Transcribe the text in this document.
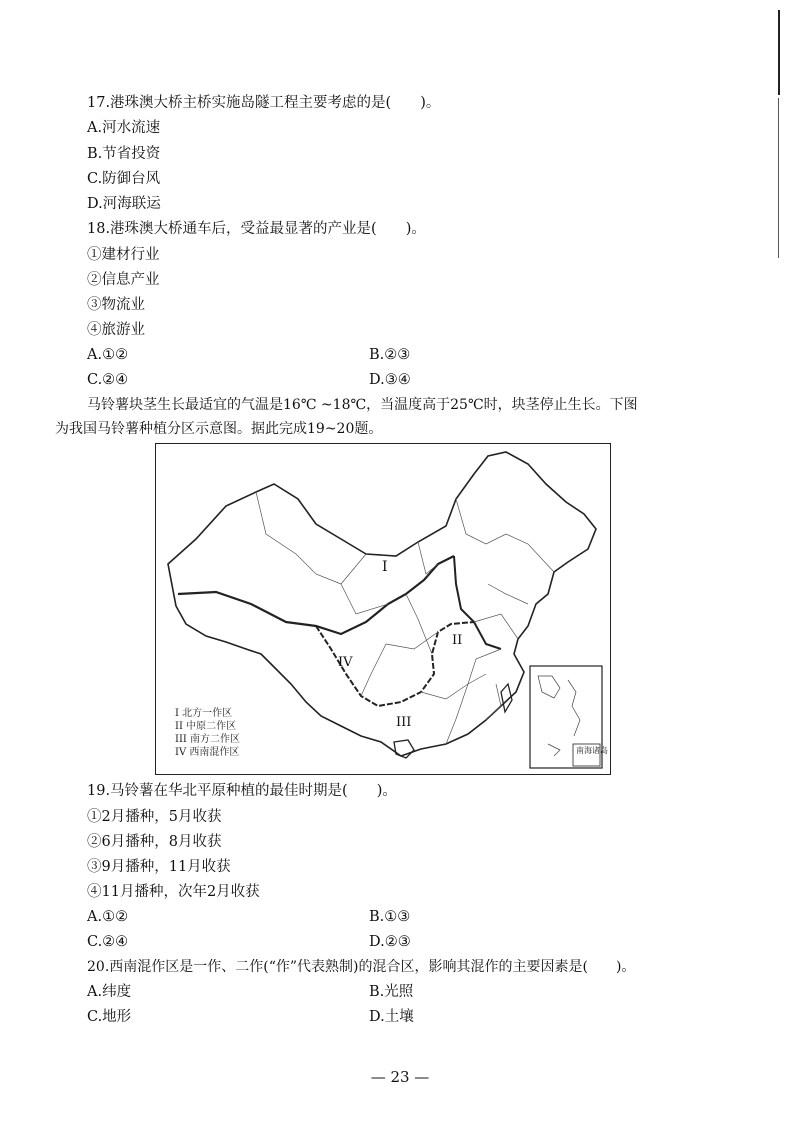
17.港珠澳大桥主桥实施岛隧工程主要考虑的是(　　)。
A.河水流速
B.节省投资
C.防御台风
D.河海联运
18.港珠澳大桥通车后，受益最显著的产业是(　　)。
①建材行业
②信息产业
③物流业
④旅游业
A.①②	B.②③
C.②④	D.③④
马铃薯块茎生长最适宜的气温是16℃ ~18℃，当温度高于25℃时，块茎停止生长。下图
为我国马铃薯种植分区示意图。据此完成19~20题。
南海诸岛
I
II
III
IV
I 北方一作区
II 中原二作区
III 南方二作区
IV 西南混作区
19.马铃薯在华北平原种植的最佳时期是(　　)。
①2月播种，5月收获
②6月播种，8月收获
③9月播种，11月收获
④11月播种，次年2月收获
A.①②	B.①③
C.②④	D.②③
20.西南混作区是一作、二作(“作”代表熟制)的混合区，影响其混作的主要因素是(　　)。
A.纬度	B.光照
C.地形	D.土壤
— 23 —
